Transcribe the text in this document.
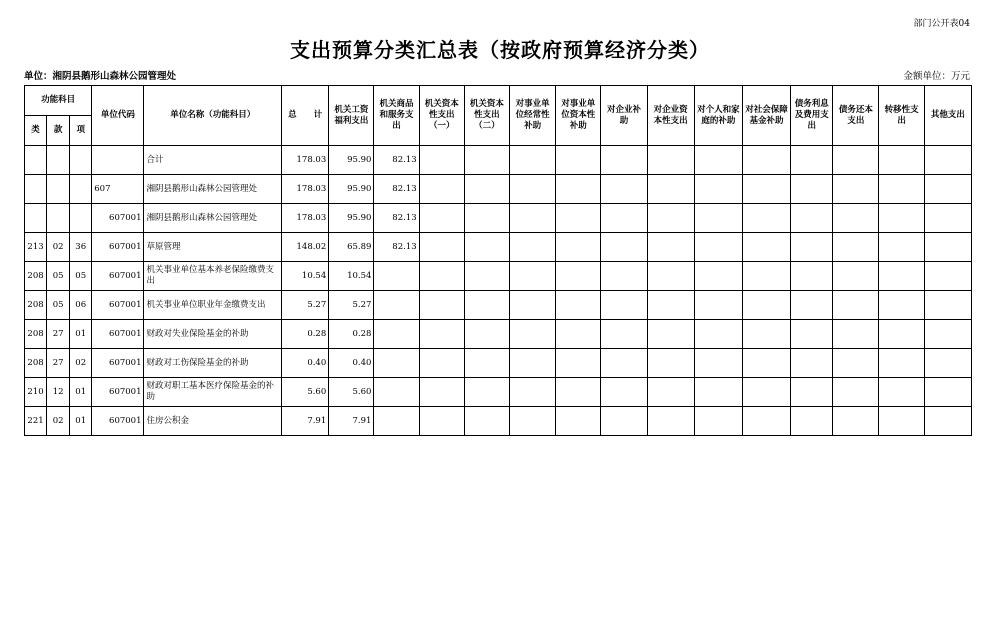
部门公开表04
支出预算分类汇总表（按政府预算经济分类）
单位：湘阴县鹅形山森林公园管理处	金额单位：万元
功能科目			单位代码	单位名称（功能科目）	总　　计	机关工资福利支出	机关商品和服务支出	机关资本性支出（一）	机关资本性支出（二）	对事业单位经常性补助	对事业单位资本性补助	对企业补助	对企业资本性支出	对个人和家庭的补助	对社会保障基金补助	债务利息及费用支出	债务还本支出	转移性支出	其他支出
类	款	项																	
				合计	178.03	95.90	82.13												
			607	湘阴县鹅形山森林公园管理处	178.03	95.90	82.13												
			607001	湘阴县鹅形山森林公园管理处	178.03	95.90	82.13												
213	02	36	607001	草原管理	148.02	65.89	82.13												
208	05	05	607001	机关事业单位基本养老保险缴费支出	10.54	10.54													
208	05	06	607001	机关事业单位职业年金缴费支出	5.27	5.27													
208	27	01	607001	财政对失业保险基金的补助	0.28	0.28													
208	27	02	607001	财政对工伤保险基金的补助	0.40	0.40													
210	12	01	607001	财政对职工基本医疗保险基金的补助	5.60	5.60													
221	02	01	607001	住房公积金	7.91	7.91													
